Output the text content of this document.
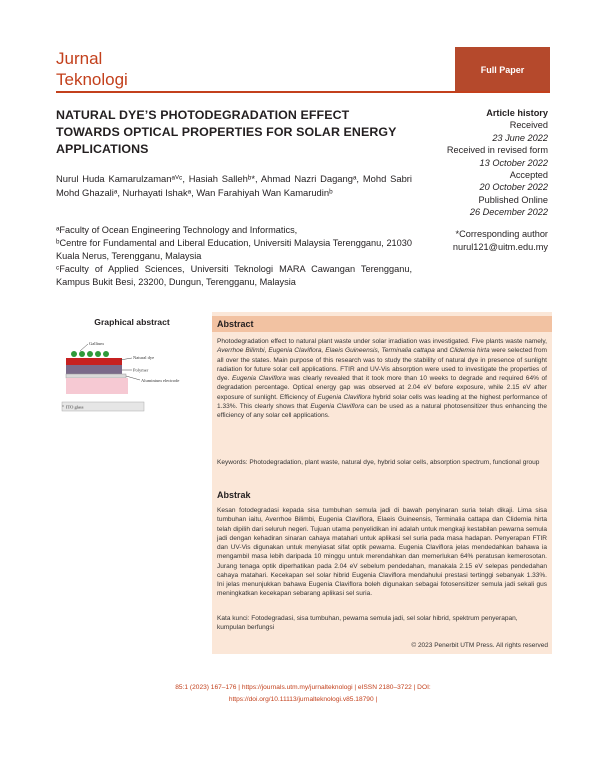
Jurnal
Teknologi
Full Paper
NATURAL DYE’S PHOTODEGRADATION EFFECT TOWARDS OPTICAL PROPERTIES FOR SOLAR ENERGY APPLICATIONS

Nurul Huda Kamarulzamanᵃⱽᶜ, Hasiah Sallehᵇ*, Ahmad Nazri Dagangᵃ, Mohd Sabri Mohd Ghazaliᵃ, Nurhayati Ishakᵃ, Wan Farahiyah Wan Kamarudinᵇ

ᵃFaculty of Ocean Engineering Technology and Informatics,

ᵇCentre for Fundamental and Liberal Education, Universiti Malaysia Terengganu, 21030 Kuala Nerus, Terengganu, Malaysia

ᶜFaculty of Applied Sciences, Universiti Teknologi MARA Cawangan Terengganu, Kampus Bukit Besi, 23200, Dungun, Terengganu, Malaysia

Article history
Received
23 June 2022
Received in revised form
13 October 2022
Accepted
20 October 2022
Published Online
26 December 2022
*Corresponding author
nurul121@uitm.edu.my
Graphical abstract
Gallium
Natural dye
Polymer
Aluminium electrode
ITO glass
Abstract

Photodegradation effect to natural plant waste under solar irradiation was investigated. Five plants waste namely, Averrhoe Bilimbi, Eugenia Claviflora, Elaeis Guineensis, Terminalia cattapa and Clidemia hirta were selected from all over the states. Main purpose of this research was to study the stability of natural dye in presence of sunlight radiation for future solar cell applications. FTIR and UV-Vis absorption were used to investigate the properties of dye. Eugenia Claviflora was clearly revealed that it took more than 10 weeks to degrade and required 64% of degradation percentage. Optical energy gap was observed at 2.04 eV before exposure, while 2.15 eV after exposure of sunlight. Efficiency of Eugenia Claviflora hybrid solar cells was leading at the highest performance of 1.33%. This clearly shows that Eugenia Claviflora can be used as a natural photosensitizer thus enhancing the efficiency of any solar cell applications.

Keywords: Photodegradation, plant waste, natural dye, hybrid solar cells, absorption spectrum, functional group

Abstrak

Kesan fotodegradasi kepada sisa tumbuhan semula jadi di bawah penyinaran suria telah dikaji. Lima sisa tumbuhan iaitu, Averrhoe Bilimbi, Eugenia Claviflora, Elaeis Guineensis, Terminalia cattapa dan Clidemia hirta telah dipilih dari seluruh negeri. Tujuan utama penyelidikan ini adalah untuk mengkaji kestabilan pewarna semula jadi dengan kehadiran sinaran cahaya matahari untuk aplikasi sel suria pada masa hadapan. Penyerapan FTIR dan UV-Vis digunakan untuk menyiasat sifat optik pewarna. Eugenia Claviflora jelas mendedahkan bahawa ia mengambil masa lebih daripada 10 minggu untuk merendahkan dan memerlukan 64% peratusan kemerosotan. Jurang tenaga optik diperhatikan pada 2.04 eV sebelum pendedahan, manakala 2.15 eV selepas pendedahan cahaya matahari. Kecekapan sel solar hibrid Eugenia Claviflora mendahului prestasi tertinggi sebanyak 1.33%. Ini jelas menunjukkan bahawa Eugenia Claviflora boleh digunakan sebagai fotosensitizer semula jadi sekali gus meningkatkan kecekapan sebarang aplikasi sel suria.

Kata kunci: Fotodegradasi, sisa tumbuhan, pewarna semula jadi, sel solar hibrid, spektrum penyerapan, kumpulan berfungsi

© 2023 Penerbit UTM Press. All rights reserved
85:1 (2023) 167–176 | https://journals.utm.my/jurnalteknologi | eISSN 2180–3722 | DOI:
https://doi.org/10.11113/jurnalteknologi.v85.18790 |
